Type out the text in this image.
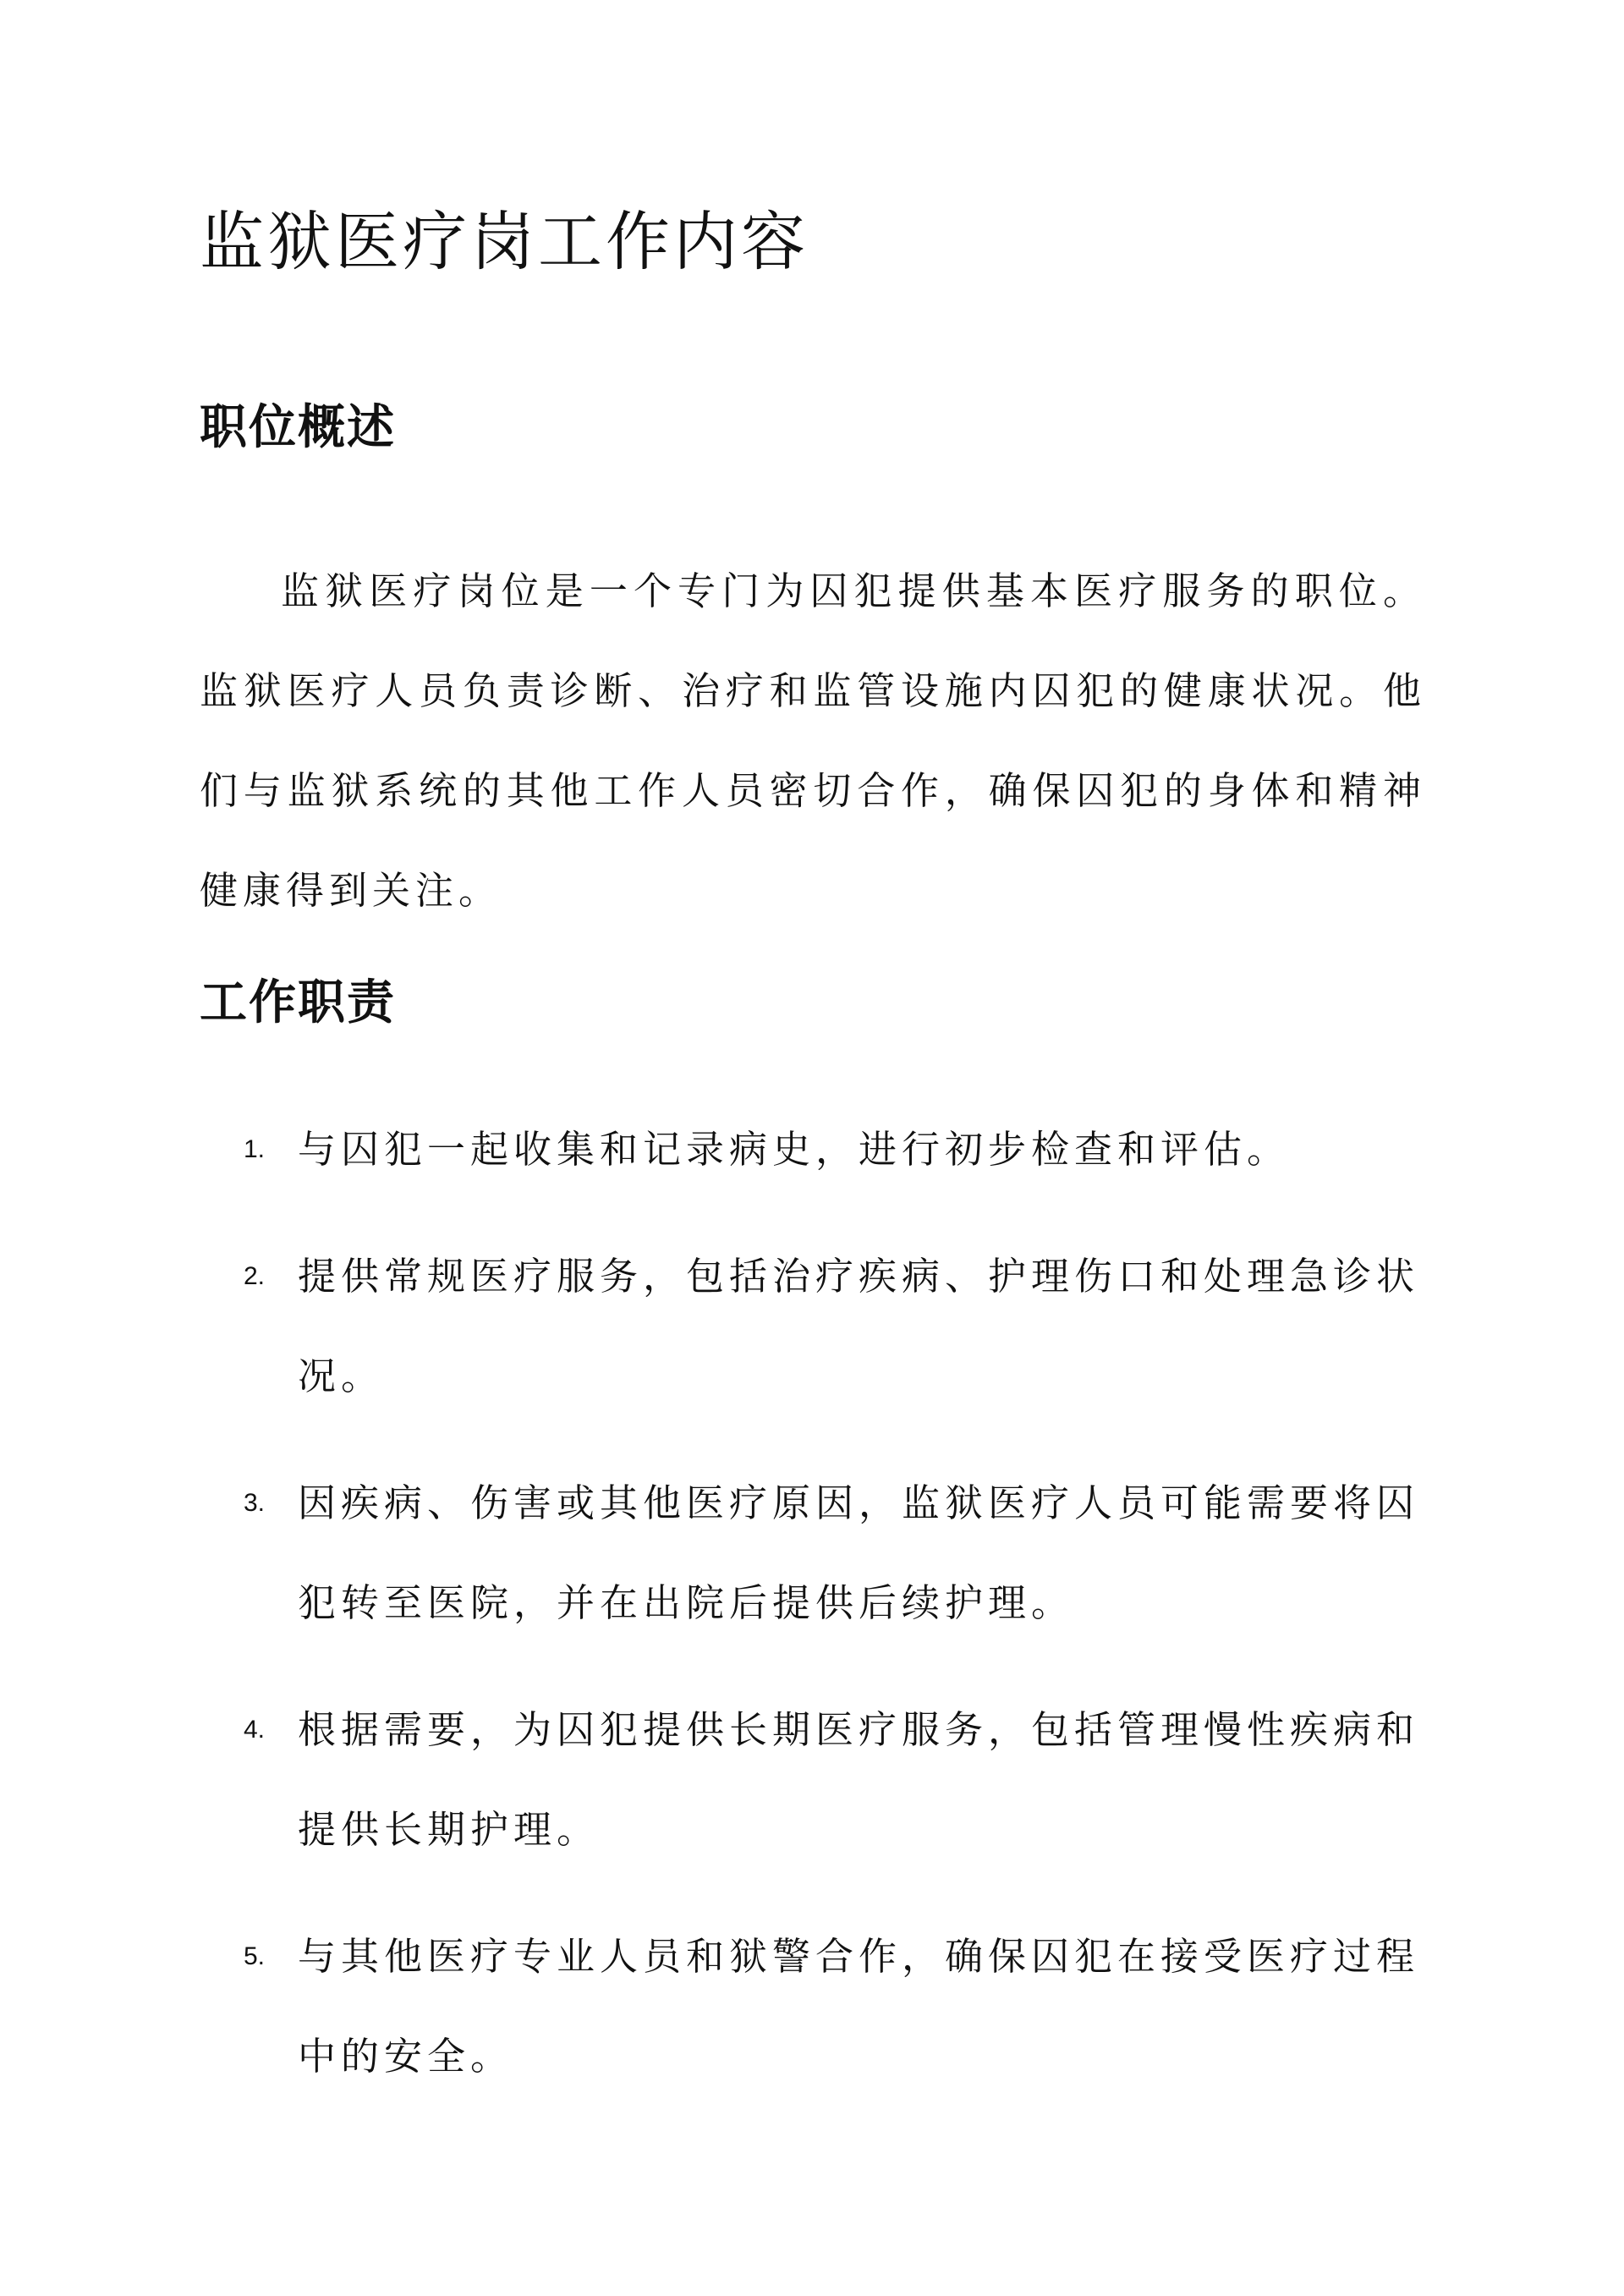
监狱医疗岗工作内容
职位概述

监狱医疗岗位是一个专门为囚犯提供基本医疗服务的职位。监狱医疗人员负责诊断、治疗和监管设施内囚犯的健康状况。他们与监狱系统的其他工作人员密切合作，确保囚犯的身体和精神健康得到关注。

工作职责
1. 与囚犯一起收集和记录病史，进行初步检查和评估。
2. 提供常规医疗服务，包括治疗疾病、护理伤口和处理急诊状况。
3. 因疾病、伤害或其他医疗原因，监狱医疗人员可能需要将囚犯转至医院，并在出院后提供后续护理。
4. 根据需要，为囚犯提供长期医疗服务，包括管理慢性疾病和提供长期护理。
5. 与其他医疗专业人员和狱警合作，确保囚犯在接受医疗过程中的安全。
